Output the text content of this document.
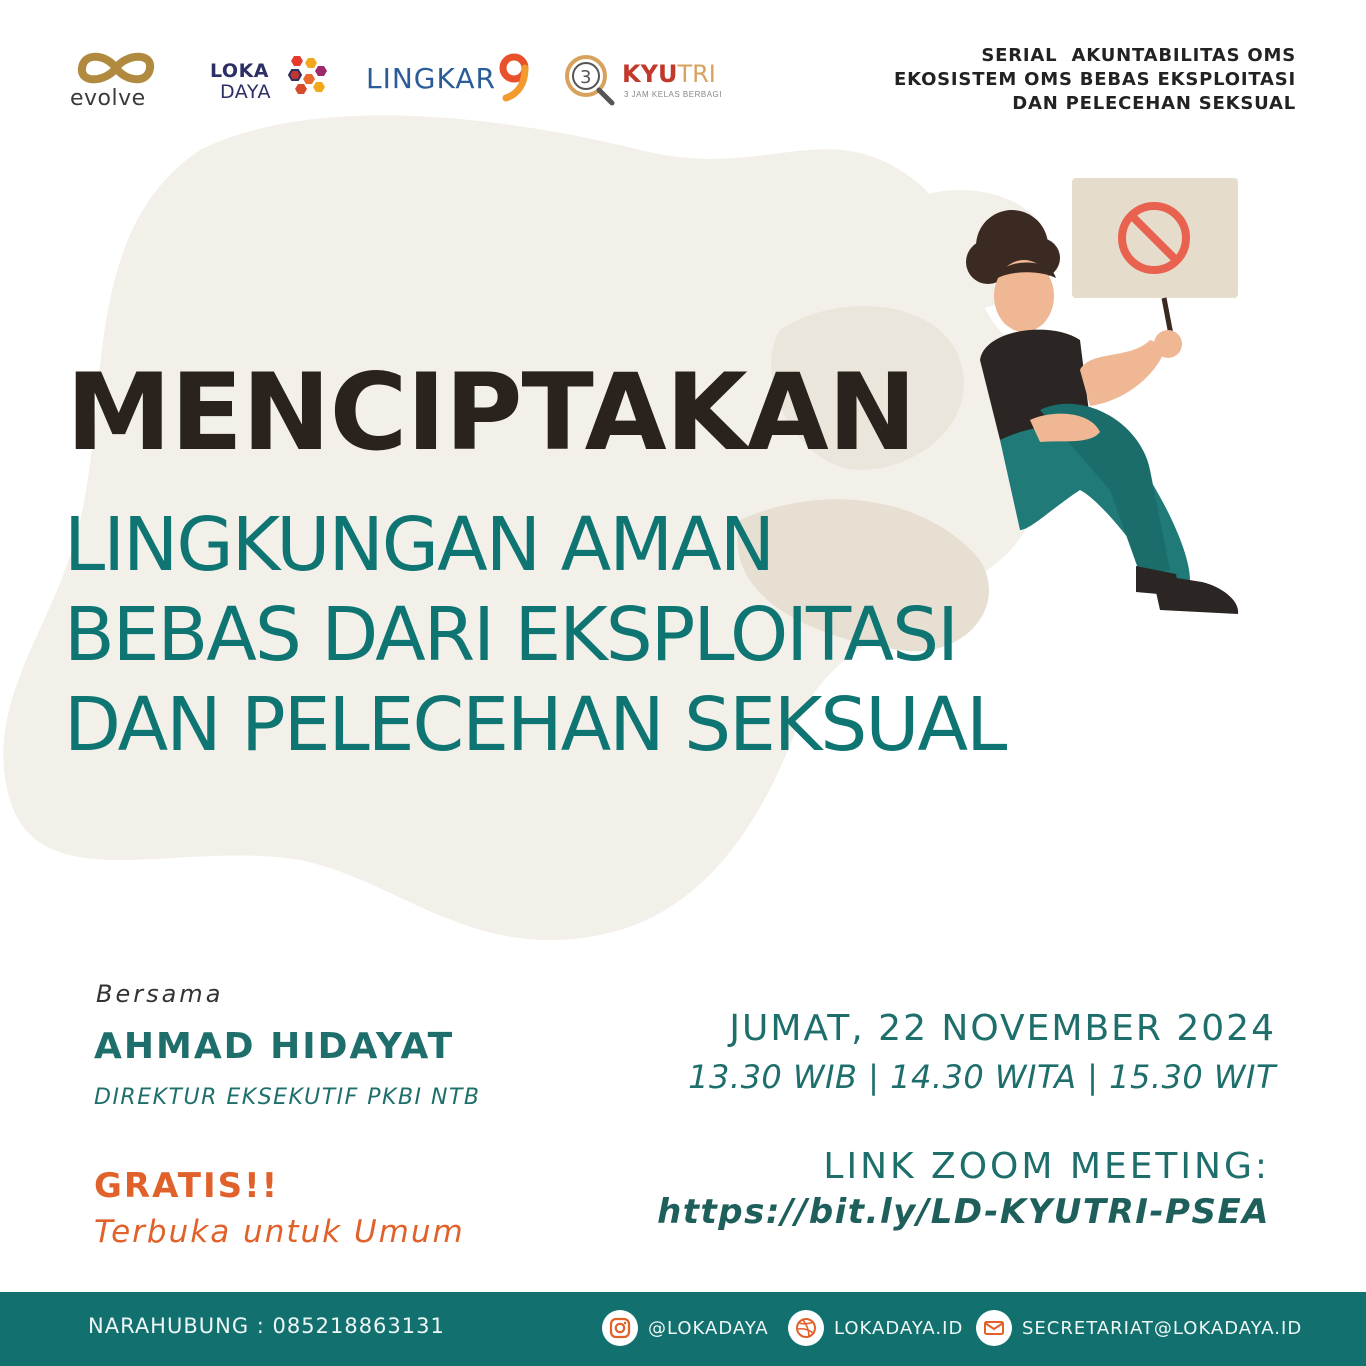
evolve
LOKA
DAYA	LINGKAR	3 KYUTRI
3 JAM KELAS BERBAGI
SERIAL  AKUNTABILITAS OMS
EKOSISTEM OMS BEBAS EKSPLOITASI
DAN PELECEHAN SEKSUAL
MENCIPTAKAN
LINGKUNGAN AMAN
BEBAS DARI EKSPLOITASI
DAN PELECEHAN SEKSUAL
Bersama
AHMAD HIDAYAT
DIREKTUR EKSEKUTIF PKBI NTB
GRATIS!!
Terbuka untuk Umum
JUMAT, 22 NOVEMBER 2024
13.30 WIB | 14.30 WITA | 15.30 WIT
LINK ZOOM MEETING:
https://bit.ly/LD-KYUTRI-PSEA
NARAHUBUNG : 085218863131	@LOKADAYA	LOKADAYA.ID	SECRETARIAT@LOKADAYA.ID
